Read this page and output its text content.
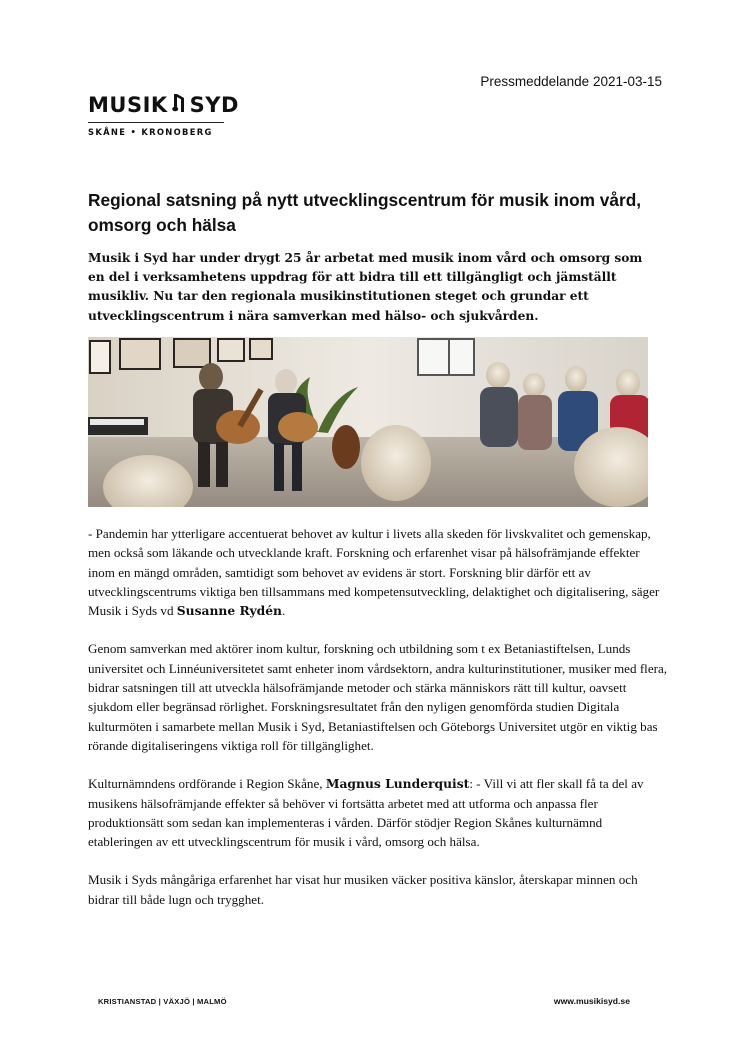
Pressmeddelande 2021-03-15
MUSIK SYD
SKÅNE • KRONOBERG
Regional satsning på nytt utvecklingscentrum för musik inom vård, omsorg och hälsa

Musik i Syd har under drygt 25 år arbetat med musik inom vård och omsorg som en del i verksamhetens uppdrag för att bidra till ett tillgängligt och jämställt musikliv. Nu tar den regionala musikinstitutionen steget och grundar ett utvecklingscentrum i nära samverkan med hälso- och sjukvården.

- Pandemin har ytterligare accentuerat behovet av kultur i livets alla skeden för livskvalitet och gemenskap, men också som läkande och utvecklande kraft. Forskning och erfarenhet visar på hälsofrämjande effekter inom en mängd områden, samtidigt som behovet av evidens är stort. Forskning blir därför ett av utvecklingscentrums viktiga ben tillsammans med kompetensutveckling, delaktighet och digitalisering, säger Musik i Syds vd Susanne Rydén.

Genom samverkan med aktörer inom kultur, forskning och utbildning som t ex Betaniastiftelsen, Lunds universitet och Linnéuniversitetet samt enheter inom vårdsektorn, andra kulturinstitutioner, musiker med flera, bidrar satsningen till att utveckla hälsofrämjande metoder och stärka människors rätt till kultur, oavsett sjukdom eller begränsad rörlighet. Forskningsresultatet från den nyligen genomförda studien Digitala kulturmöten i samarbete mellan Musik i Syd, Betaniastiftelsen och Göteborgs Universitet utgör en viktig bas rörande digitaliseringens viktiga roll för tillgänglighet.

Kulturnämndens ordförande i Region Skåne, Magnus Lunderquist: - Vill vi att fler skall få ta del av musikens hälsofrämjande effekter så behöver vi fortsätta arbetet med att utforma och anpassa fler produktionsätt som sedan kan implementeras i vården. Därför stödjer Region Skånes kulturnämnd etableringen av ett utvecklingscentrum för musik i vård, omsorg och hälsa.

Musik i Syds mångåriga erfarenhet har visat hur musiken väcker positiva känslor, återskapar minnen och bidrar till både lugn och trygghet.

KRISTIANSTAD | VÄXJÖ | MALMÖ	www.musikisyd.se
